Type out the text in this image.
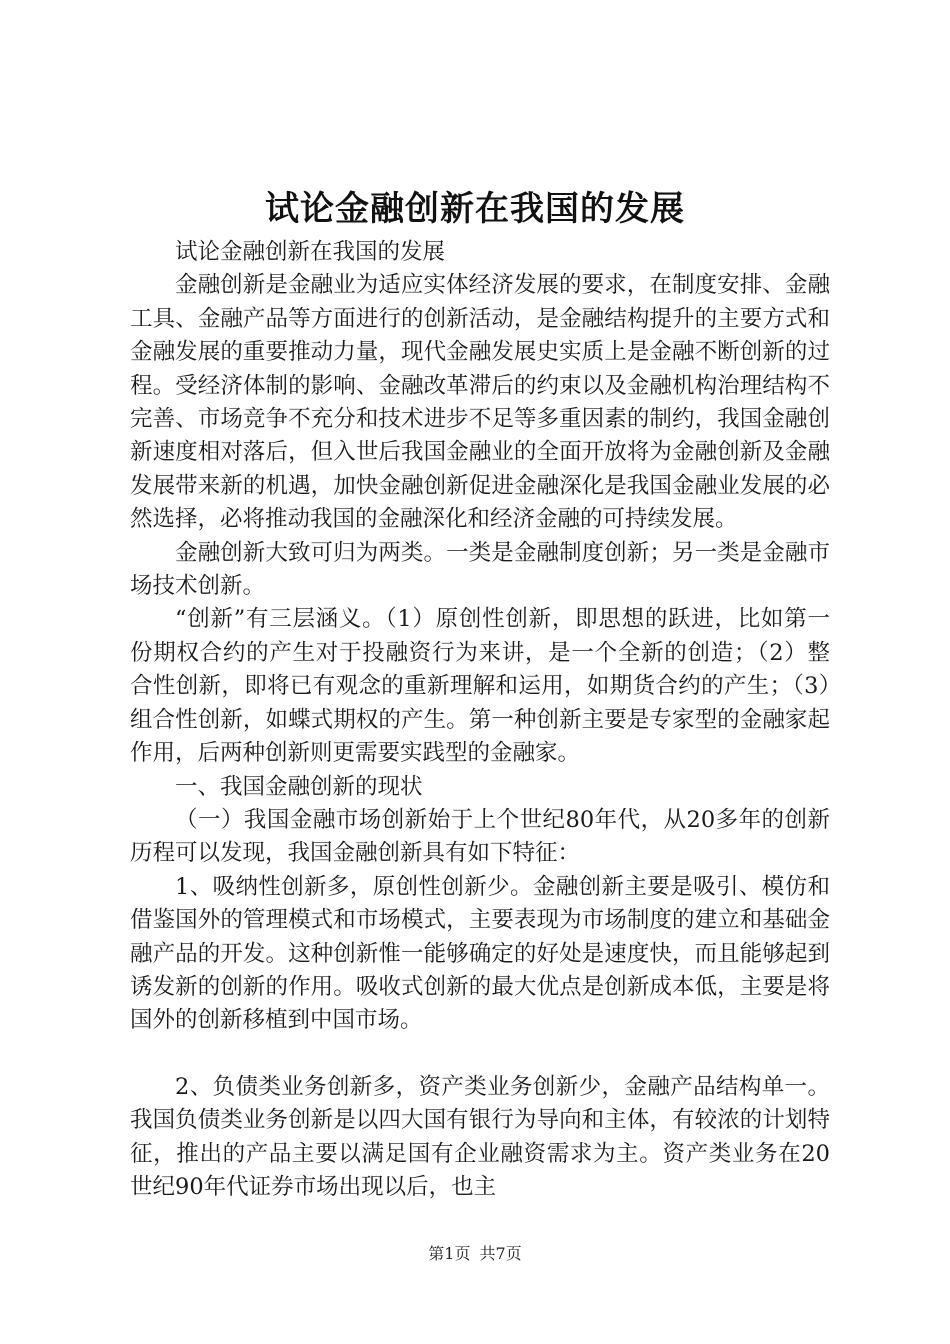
试论金融创新在我国的发展

试论金融创新在我国的发展

金融创新是金融业为适应实体经济发展的要求，在制度安排、金融工具、金融产品等方面进行的创新活动，是金融结构提升的主要方式和金融发展的重要推动力量，现代金融发展史实质上是金融不断创新的过程。受经济体制的影响、金融改革滞后的约束以及金融机构治理结构不完善、市场竞争不充分和技术进步不足等多重因素的制约，我国金融创新速度相对落后，但入世后我国金融业的全面开放将为金融创新及金融发展带来新的机遇，加快金融创新促进金融深化是我国金融业发展的必然选择，必将推动我国的金融深化和经济金融的可持续发展。

金融创新大致可归为两类。一类是金融制度创新；另一类是金融市场技术创新。

“创新”有三层涵义。（1）原创性创新，即思想的跃进，比如第一份期权合约的产生对于投融资行为来讲，是一个全新的创造；（2）整合性创新，即将已有观念的重新理解和运用，如期货合约的产生；（3）组合性创新，如蝶式期权的产生。第一种创新主要是专家型的金融家起作用，后两种创新则更需要实践型的金融家。

一、我国金融创新的现状

（一）我国金融市场创新始于上个世纪80年代，从20多年的创新历程可以发现，我国金融创新具有如下特征：

1、吸纳性创新多，原创性创新少。金融创新主要是吸引、模仿和借鉴国外的管理模式和市场模式，主要表现为市场制度的建立和基础金融产品的开发。这种创新惟一能够确定的好处是速度快，而且能够起到诱发新的创新的作用。吸收式创新的最大优点是创新成本低，主要是将国外的创新移植到中国市场。

2、负债类业务创新多，资产类业务创新少，金融产品结构单一。我国负债类业务创新是以四大国有银行为导向和主体，有较浓的计划特征，推出的产品主要以满足国有企业融资需求为主。资产类业务在20世纪90年代证券市场出现以后，也主

第1页 共7页
